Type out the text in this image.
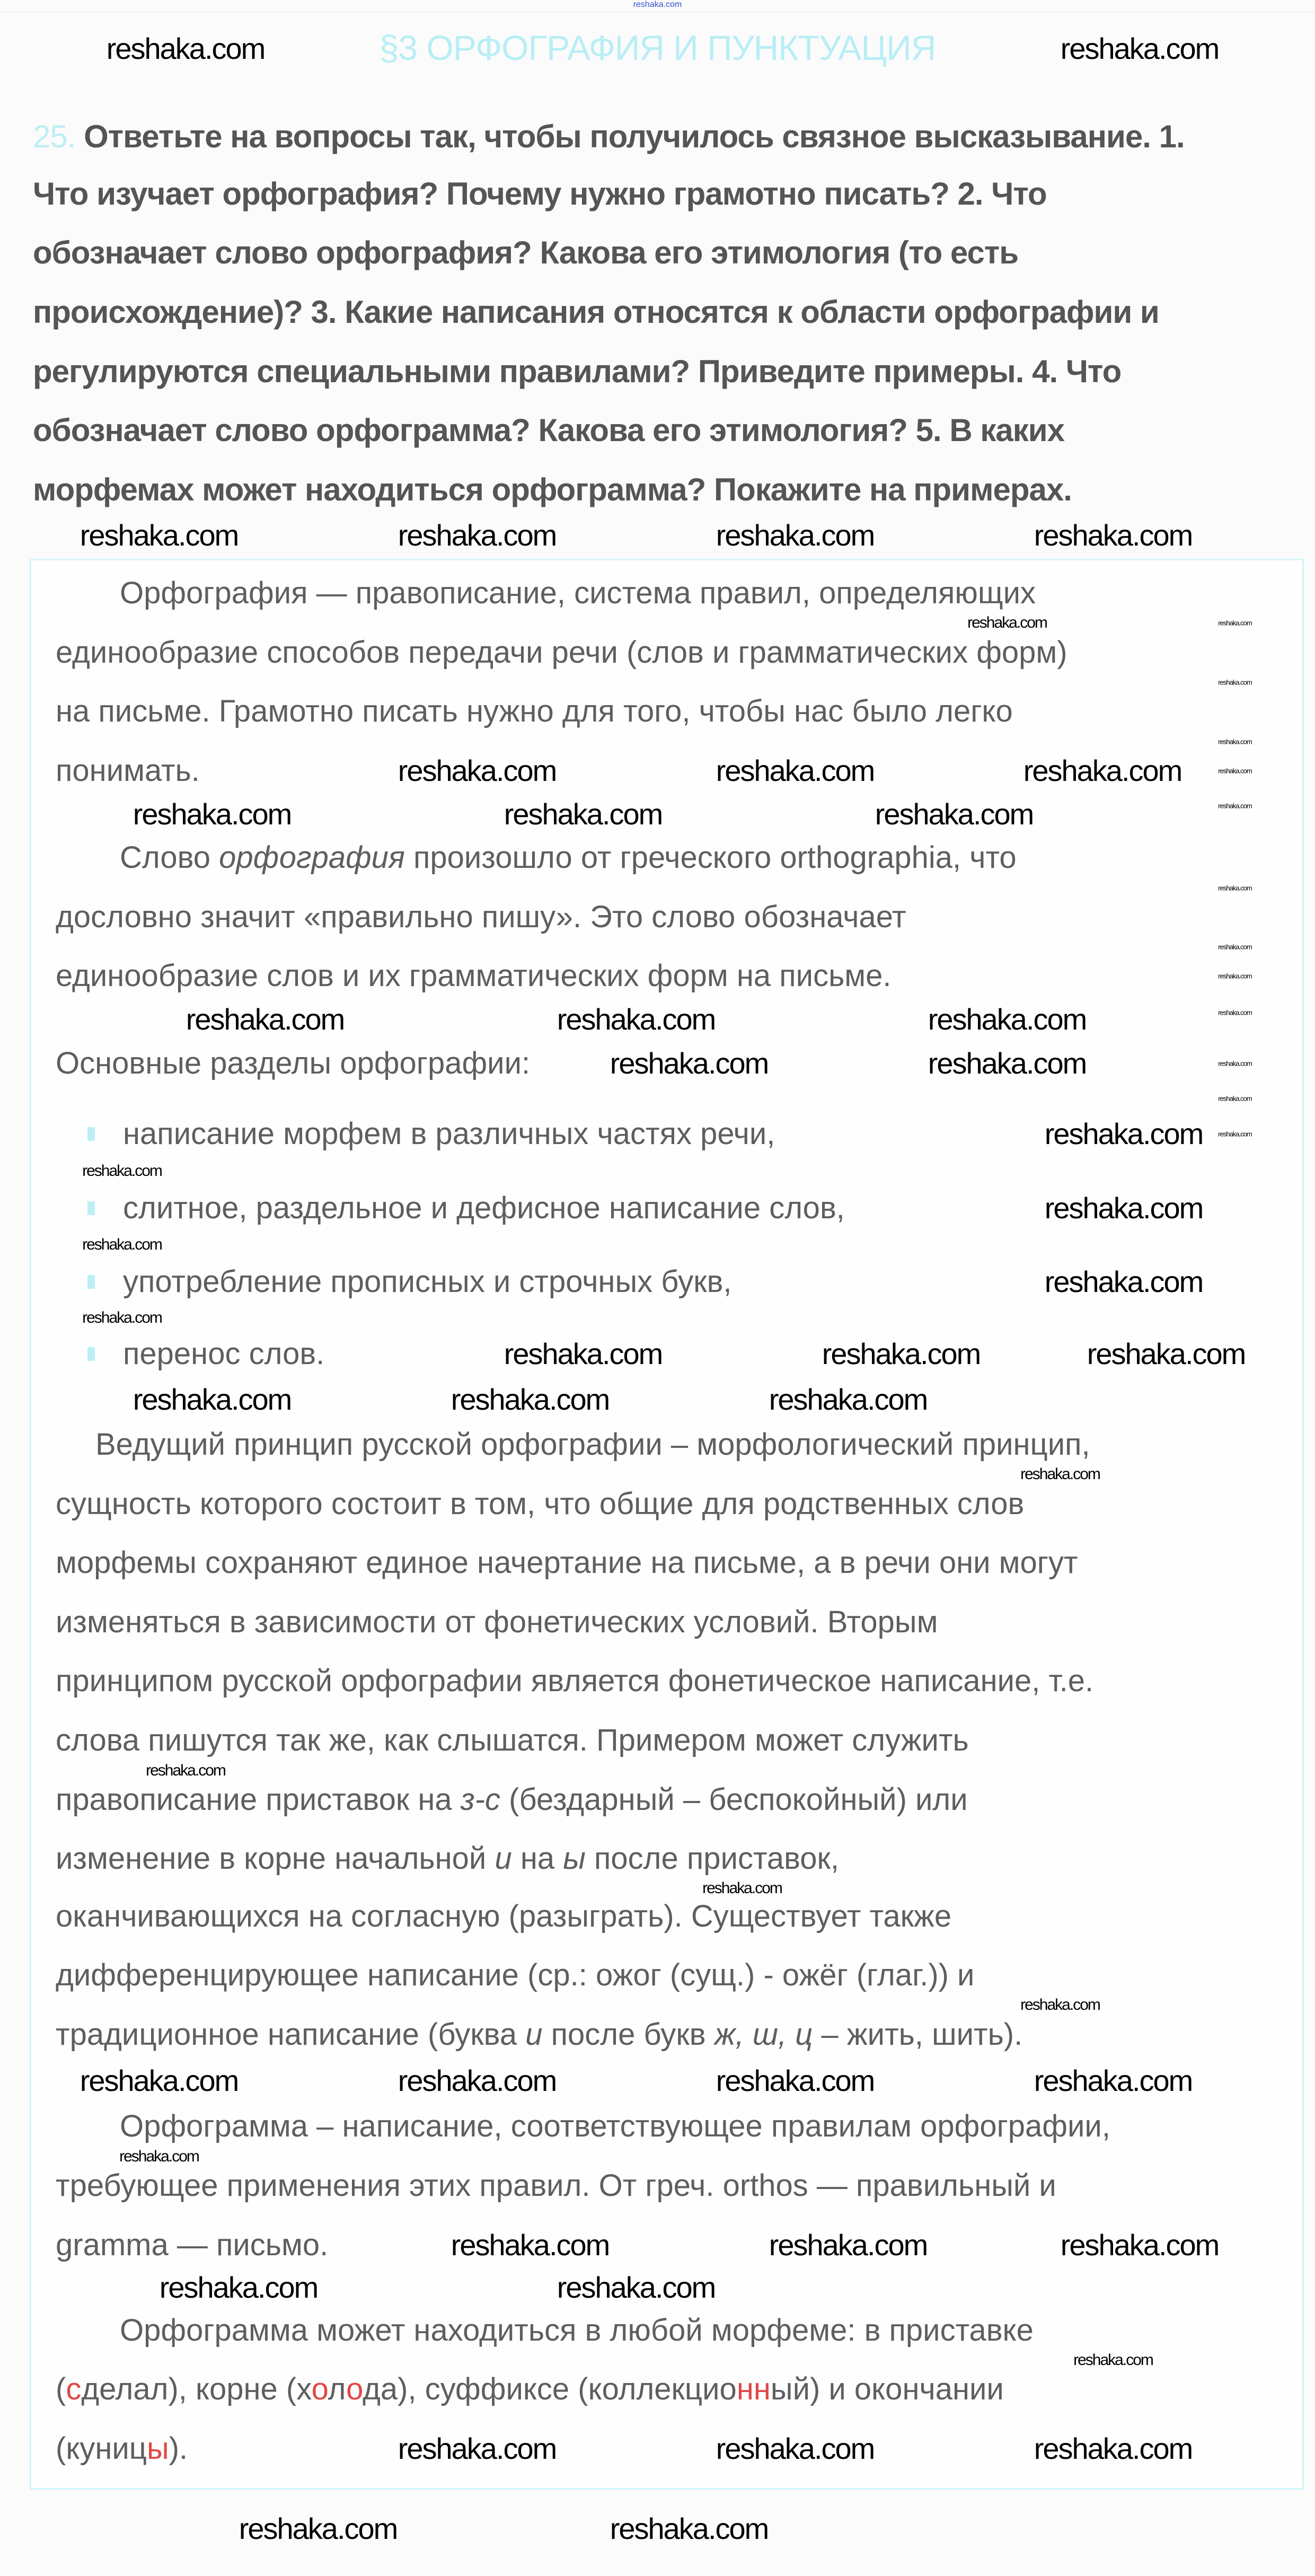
reshaka.com
§3 ОРФОГРАФИЯ И ПУНКТУАЦИЯ
25. Ответьте на вопросы так, чтобы получилось связное высказывание. 1.
Что изучает орфография? Почему нужно грамотно писать? 2. Что
обозначает слово орфография? Какова его этимология (то есть
происхождение)? 3. Какие написания относятся к области орфографии и
регулируются специальными правилами? Приведите примеры. 4. Что
обозначает слово орфограмма? Какова его этимология? 5. В каких
морфемах может находиться орфограмма? Покажите на примерах.
Орфография — правописание, система правил, определяющих
единообразие способов передачи речи (слов и грамматических форм)
на письме. Грамотно писать нужно для того, чтобы нас было легко
понимать.
Слово орфография произошло от греческого orthographia, что
дословно значит «правильно пишу». Это слово обозначает
единообразие слов и их грамматических форм на письме.
Основные разделы орфографии:
написание морфем в различных частях речи,
слитное, раздельное и дефисное написание слов,
употребление прописных и строчных букв,
перенос слов.
Ведущий принцип русской орфографии – морфологический принцип,
сущность которого состоит в том, что общие для родственных слов
морфемы сохраняют единое начертание на письме, а в речи они могут
изменяться в зависимости от фонетических условий. Вторым
принципом русской орфографии является фонетическое написание, т.е.
слова пишутся так же, как слышатся. Примером может служить
правописание приставок на з-с (бездарный – беспокойный) или
изменение в корне начальной и на ы после приставок,
оканчивающихся на согласную (разыграть). Существует также
дифференцирующее написание (ср.: ожог (сущ.) - ожёг (глаг.)) и
традиционное написание (буква и после букв ж, ш, ц – жить, шить).
Орфограмма – написание, соответствующее правилам орфографии,
требующее применения этих правил. От греч. orthos — правильный и
gramma — письмо.
Орфограмма может находиться в любой морфеме: в приставке
(сделал), корне (холода), суффиксе (коллекционный) и окончании
(куницы).
reshaka.com	reshaka.com
reshaka.com	reshaka.com	reshaka.com	reshaka.com
reshaka.com	reshaka.com	reshaka.com
reshaka.com	reshaka.com	reshaka.com
reshaka.com	reshaka.com	reshaka.com
reshaka.com	reshaka.com
reshaka.com
reshaka.com
reshaka.com
reshaka.com	reshaka.com	reshaka.com
reshaka.com	reshaka.com	reshaka.com
reshaka.com	reshaka.com	reshaka.com	reshaka.com
reshaka.com	reshaka.com	reshaka.com
reshaka.com	reshaka.com
reshaka.com	reshaka.com	reshaka.com
reshaka.com	reshaka.com
reshaka.com
reshaka.com
reshaka.com
reshaka.com
reshaka.com
reshaka.com
reshaka.com
reshaka.com
reshaka.com
reshaka.com
reshaka.com
reshaka.com
reshaka.com
reshaka.com
reshaka.com
reshaka.com
reshaka.com
reshaka.com
reshaka.com
reshaka.com
reshaka.com
reshaka.com
